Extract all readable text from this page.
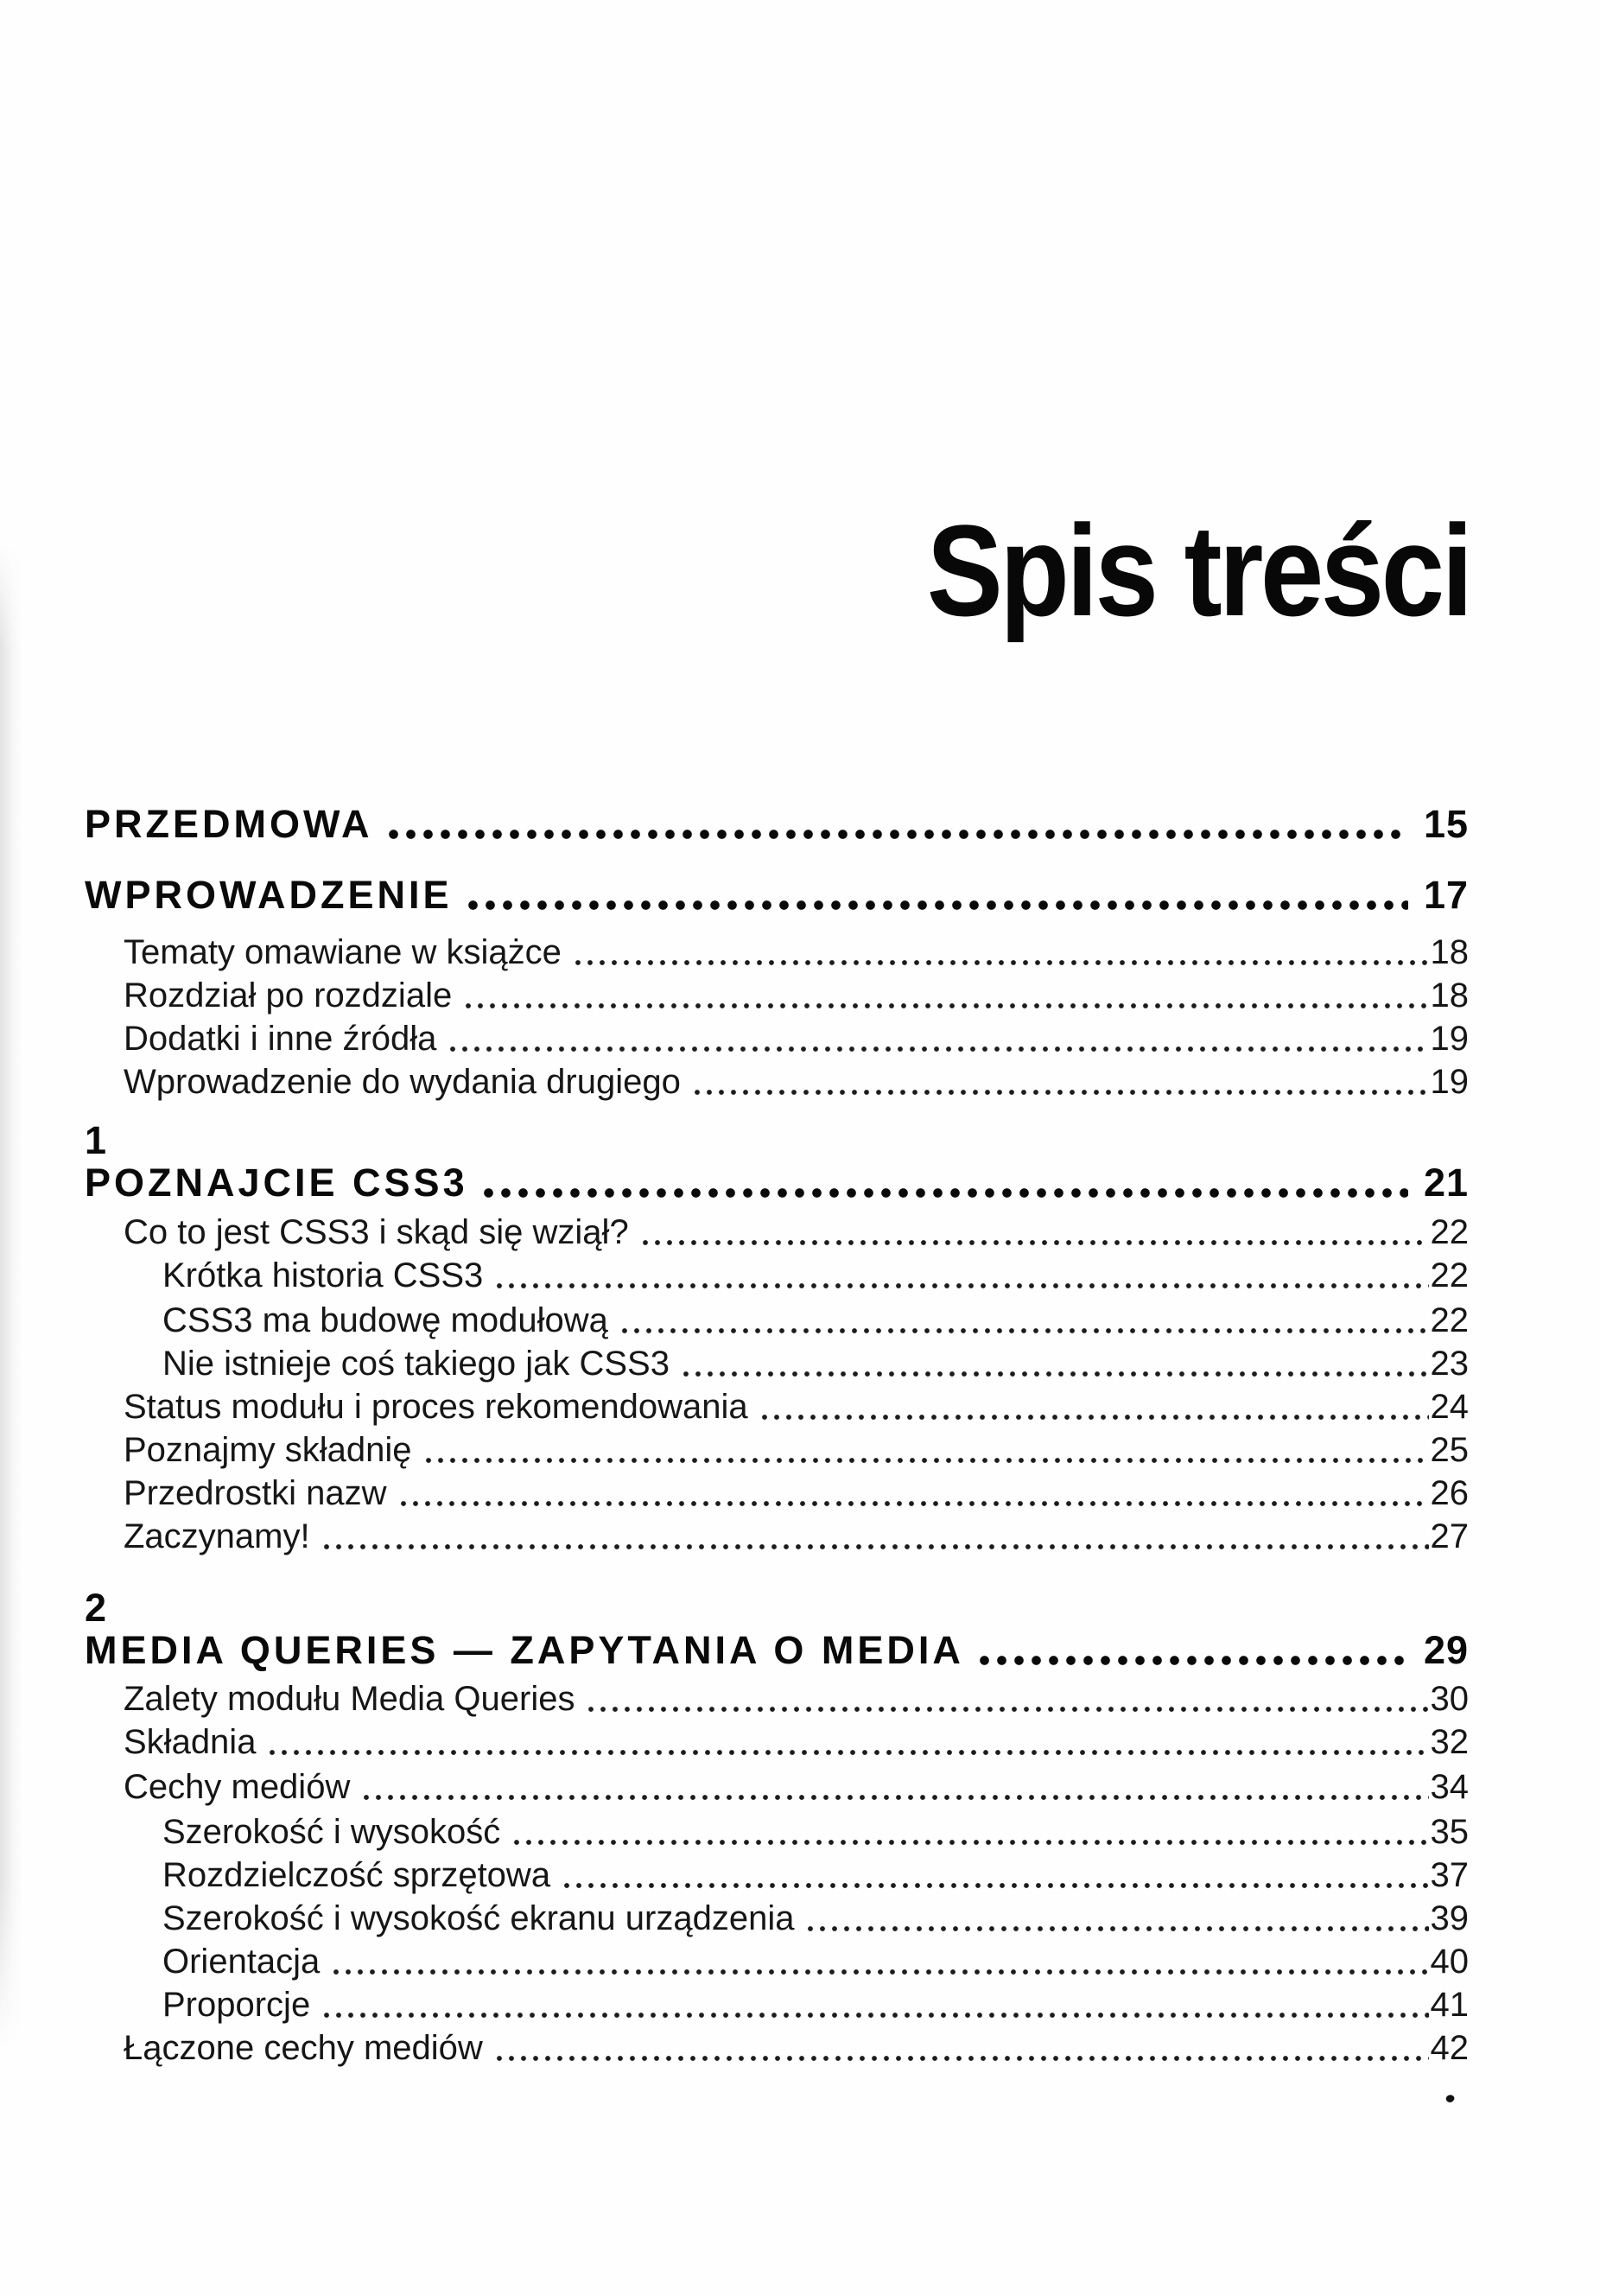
Spis treści
PRZEDMOWA	15
WPROWADZENIE	17
Tematy omawiane w książce	18
Rozdział po rozdziale	18
Dodatki i inne źródła	19
Wprowadzenie do wydania drugiego	19
1
POZNAJCIE CSS3	21
Co to jest CSS3 i skąd się wziął?	22
Krótka historia CSS3	22
CSS3 ma budowę modułową	22
Nie istnieje coś takiego jak CSS3	23
Status modułu i proces rekomendowania	24
Poznajmy składnię	25
Przedrostki nazw	26
Zaczynamy!	27
2
MEDIA QUERIES — ZAPYTANIA O MEDIA	29
Zalety modułu Media Queries	30
Składnia	32
Cechy mediów	34
Szerokość i wysokość	35
Rozdzielczość sprzętowa	37
Szerokość i wysokość ekranu urządzenia	39
Orientacja	40
Proporcje	41
Łączone cechy mediów	42
